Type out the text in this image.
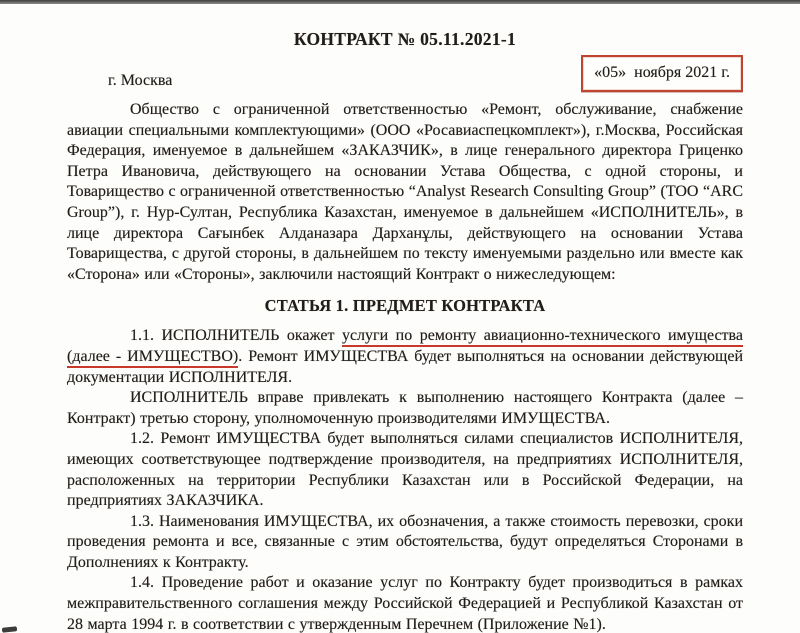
КОНТРАКТ № 05.11.2021-1
г. Москва	«05»  ноября 2021 г.

Общество с ограниченной ответственностью «Ремонт, обслуживание, снабжение авиации специальными комплектующими» (ООО «Росавиаспецкомплект»), г.Москва, Российская Федерация, именуемое в дальнейшем «ЗАКАЗЧИК», в лице генерального директора Гриценко Петра Ивановича, действующего на основании Устава Общества, с одной стороны, и Товарищество с ограниченной ответственностью “Analyst Research Consulting Group” (ТОО “ARC Group”), г. Нур-Султан, Республика Казахстан, именуемое в дальнейшем «ИСПОЛНИТЕЛЬ», в лице директора Сағынбек Алданазара Дарханұлы, действующего на основании Устава Товарищества, с другой стороны, в дальнейшем по тексту именуемыми раздельно или вместе как «Сторона» или «Стороны», заключили настоящий Контракт о нижеследующем:

СТАТЬЯ 1. ПРЕДМЕТ КОНТРАКТА

1.1. ИСПОЛНИТЕЛЬ окажет услуги по ремонту авиационно-технического имущества (далее - ИМУЩЕСТВО). Ремонт ИМУЩЕСТВА будет выполняться на основании действующей документации ИСПОЛНИТЕЛЯ.

ИСПОЛНИТЕЛЬ вправе привлекать к выполнению настоящего Контракта (далее – Контракт) третью сторону, уполномоченную производителями ИМУЩЕСТВА.

1.2. Ремонт ИМУЩЕСТВА будет выполняться силами специалистов ИСПОЛНИТЕЛЯ, имеющих соответствующее подтверждение производителя, на предприятиях ИСПОЛНИТЕЛЯ, расположенных на территории Республики Казахстан или в Российской Федерации, на предприятиях ЗАКАЗЧИКА.

1.3. Наименования ИМУЩЕСТВА, их обозначения, а также стоимость перевозки, сроки проведения ремонта и все, связанные с этим обстоятельства, будут определяться Сторонами в Дополнениях к Контракту.

1.4. Проведение работ и оказание услуг по Контракту будет производиться в рамках межправительственного соглашения между Российской Федерацией и Республикой Казахстан от 28 марта 1994 г. в соответствии с утвержденным Перечнем (Приложение №1).
